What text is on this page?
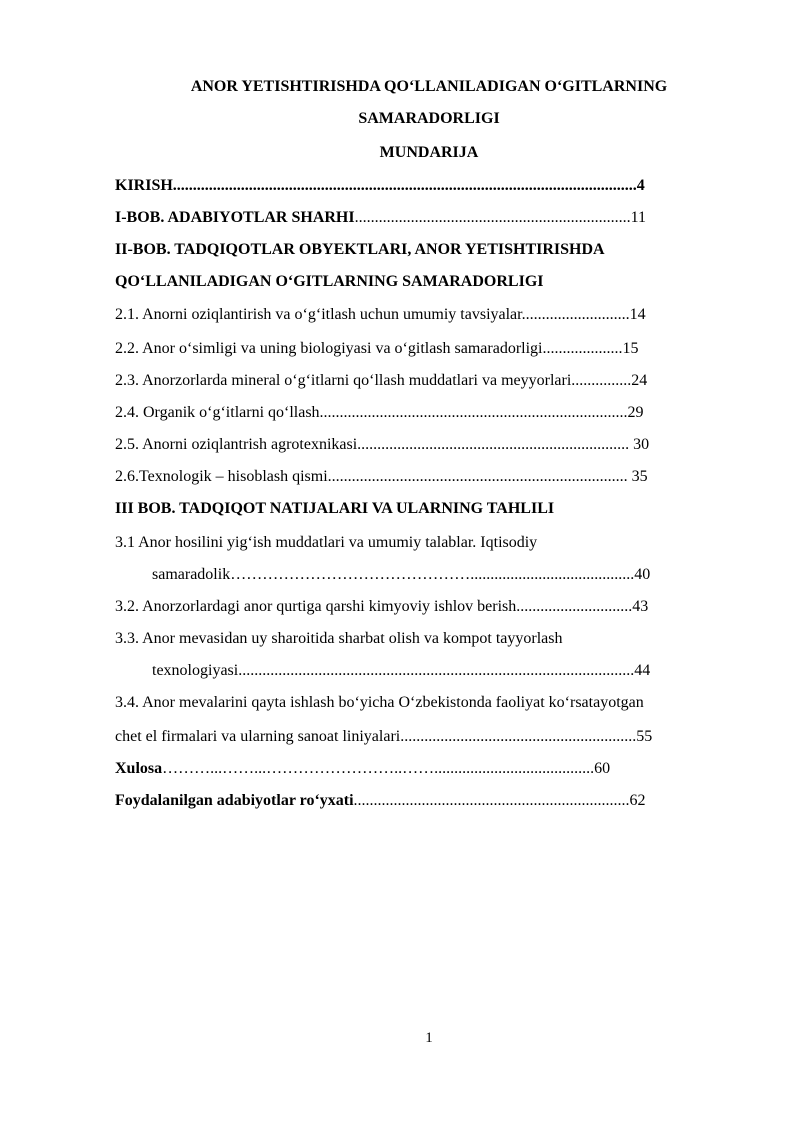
ANOR YETISHTIRISHDA QO‘LLANILADIGAN O‘GITLARNING
SAMARADORLIGI
MUNDARIJA
KIRISH....................................................................................................................4
I-BOB. ADABIYOTLAR SHARHI.....................................................................11
II-BOB. TADQIQOTLAR OBYEKTLARI, ANOR YETISHTIRISHDA
QO‘LLANILADIGAN O‘GITLARNING SAMARADORLIGI
2.1. Anorni oziqlantirish va o‘g‘itlash uchun umumiy tavsiyalar...........................14
2.2. Anor o‘simligi va uning biologiyasi va o‘gitlash samaradorligi....................15
2.3. Anorzorlarda mineral o‘g‘itlarni qo‘llash muddatlari va meyyorlari...............24
2.4. Organik o‘g‘itlarni qo‘llash.............................................................................29
2.5. Anorni oziqlantrish agrotexnikasi.................................................................... 30
2.6.Texnologik – hisoblash qismi........................................................................... 35
III BOB. TADQIQOT NATIJALARI VA ULARNING TAHLILI
3.1 Anor hosilini yig‘ish muddatlari va umumiy talablar. Iqtisodiy
samaradolik……………………………………….........................................40
3.2. Anorzorlardagi anor qurtiga qarshi kimyoviy ishlov berish.............................43
3.3. Anor mevasidan uy sharoitida sharbat olish va kompot tayyorlash
texnologiyasi...................................................................................................44
3.4. Anor mevalarini qayta ishlash bo‘yicha O‘zbekistonda faoliyat ko‘rsatayotgan
chet el firmalari va ularning sanoat liniyalari...........................................................55
Xulosa………...……...……………………..……........................................60
Foydalanilgan adabiyotlar ro‘yxati.....................................................................62
1
